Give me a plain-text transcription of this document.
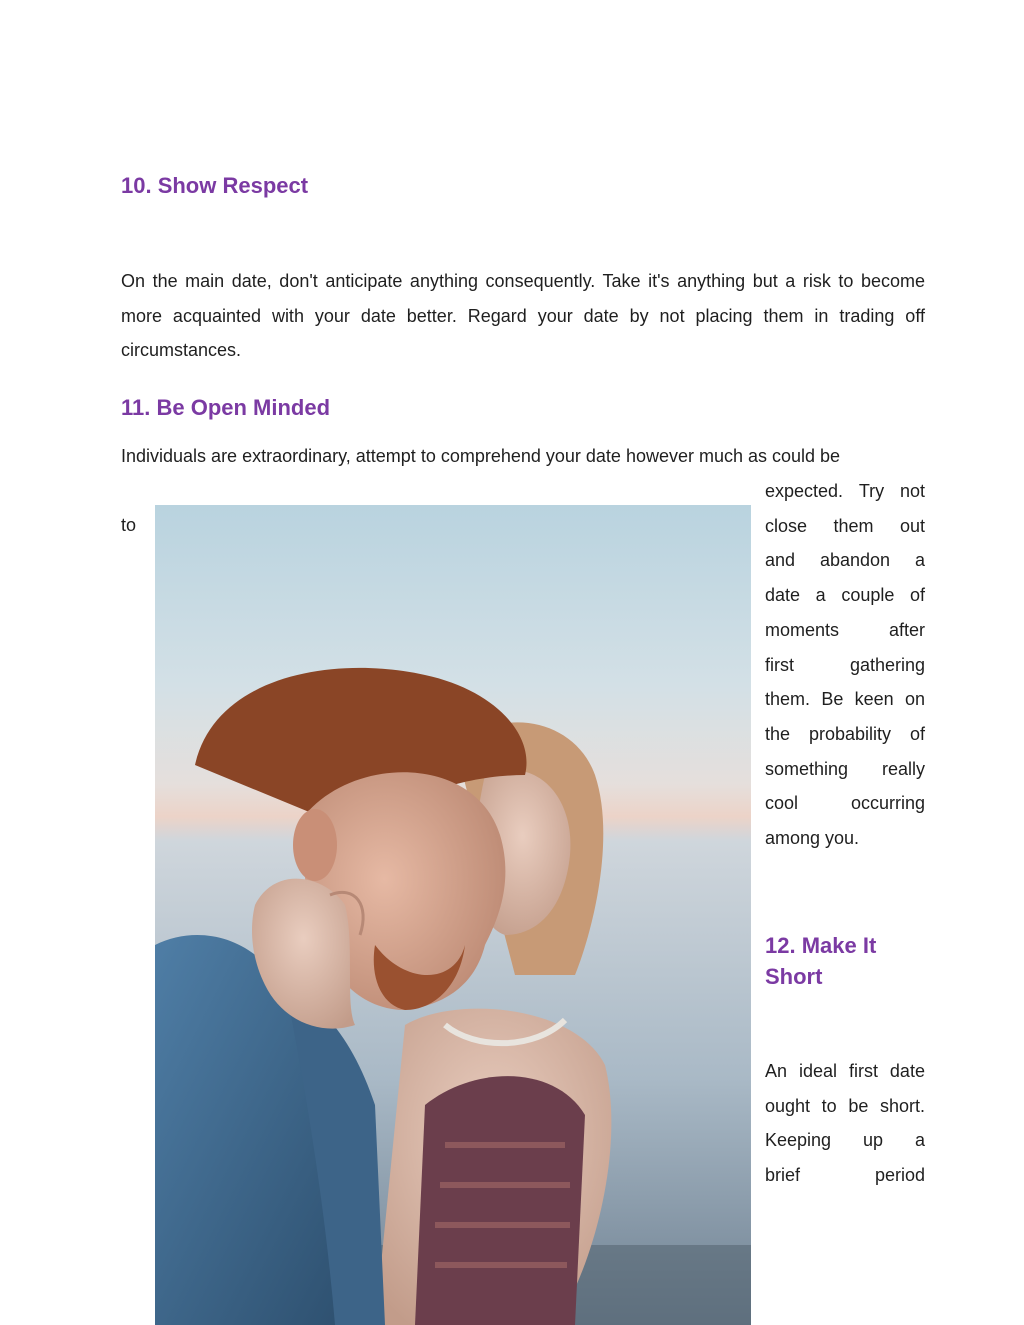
10. Show Respect

On the main date, don't anticipate anything consequently. Take it's anything but a risk to become more acquainted with your date better. Regard your date by not placing them in trading off circumstances.

11. Be Open Minded
Individuals are extraordinary, attempt to comprehend your date however much as could be
to
expected. Try not
close them out
and abandon a
date a couple of
moments	after
first	gathering
them. Be keen on
the probability of
something really
cool	occurring
among you.
12. Make It
Short
An ideal first date
ought to be short.
Keeping up a
brief	period
